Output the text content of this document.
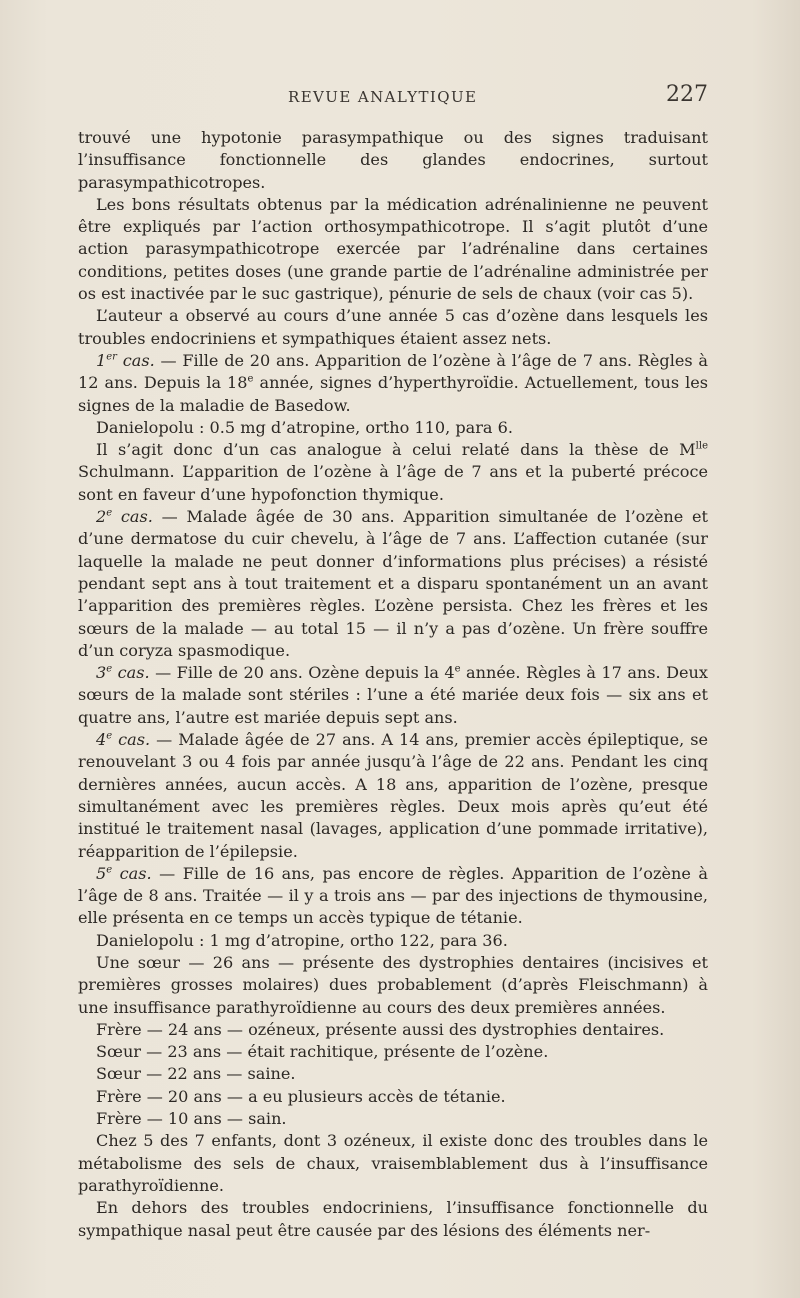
REVUE ANALYTIQUE	227

trouvé une hypotonie parasympathique ou des signes traduisant l’insuffisance fonctionnelle des glandes endocrines, surtout parasympathicotropes.

Les bons résultats obtenus par la médication adrénalinienne ne peuvent être expliqués par l’action orthosympathicotrope. Il s’agit plutôt d’une action parasympathicotrope exercée par l’adrénaline dans certaines conditions, petites doses (une grande partie de l’adrénaline administrée per os est inactivée par le suc gastrique), pénurie de sels de chaux (voir cas 5).

L’auteur a observé au cours d’une année 5 cas d’ozène dans lesquels les troubles endocriniens et sympathiques étaient assez nets.

1er cas. — Fille de 20 ans. Apparition de l’ozène à l’âge de 7 ans. Règles à 12 ans. Depuis la 18e année, signes d’hyperthyroïdie. Actuellement, tous les signes de la maladie de Basedow.

Danielopolu : 0.5 mg d’atropine, ortho 110, para 6.

Il s’agit donc d’un cas analogue à celui relaté dans la thèse de $M^{lle}$ Schulmann. L’apparition de l’ozène à l’âge de 7 ans et la puberté précoce sont en faveur d’une hypofonction thymique.

2e cas. — Malade âgée de 30 ans. Apparition simultanée de l’ozène et d’une dermatose du cuir chevelu, à l’âge de 7 ans. L’affection cutanée (sur laquelle la malade ne peut donner d’informations plus précises) a résisté pendant sept ans à tout traitement et a disparu spontanément un an avant l’apparition des premières règles. L’ozène persista. Chez les frères et les sœurs de la malade — au total 15 — il n’y a pas d’ozène. Un frère souffre d’un coryza spasmodique.

3e cas. — Fille de 20 ans. Ozène depuis la 4e année. Règles à 17 ans. Deux sœurs de la malade sont stériles : l’une a été mariée deux fois — six ans et quatre ans, l’autre est mariée depuis sept ans.

4e cas. — Malade âgée de 27 ans. A 14 ans, premier accès épileptique, se renouvelant 3 ou 4 fois par année jusqu’à l’âge de 22 ans. Pendant les cinq dernières années, aucun accès. A 18 ans, apparition de l’ozène, presque simultanément avec les premières règles. Deux mois après qu’eut été institué le traitement nasal (lavages, application d’une pommade irritative), réapparition de l’épilepsie.

5e cas. — Fille de 16 ans, pas encore de règles. Apparition de l’ozène à l’âge de 8 ans. Traitée — il y a trois ans — par des injections de thymousine, elle présenta en ce temps un accès typique de tétanie.

Danielopolu : 1 mg d’atropine, ortho 122, para 36.

Une sœur — 26 ans — présente des dystrophies dentaires (incisives et premières grosses molaires) dues probablement (d’après Fleischmann) à une insuffisance parathyroïdienne au cours des deux premières années.

Frère — 24 ans — ozéneux, présente aussi des dystrophies dentaires.

Sœur — 23 ans — était rachitique, présente de l’ozène.

Sœur — 22 ans — saine.

Frère — 20 ans — a eu plusieurs accès de tétanie.

Frère — 10 ans — sain.

Chez 5 des 7 enfants, dont 3 ozéneux, il existe donc des troubles dans le métabolisme des sels de chaux, vraisemblablement dus à l’insuffisance parathyroïdienne.

En dehors des troubles endocriniens, l’insuffisance fonctionnelle du sympathique nasal peut être causée par des lésions des éléments ner-
